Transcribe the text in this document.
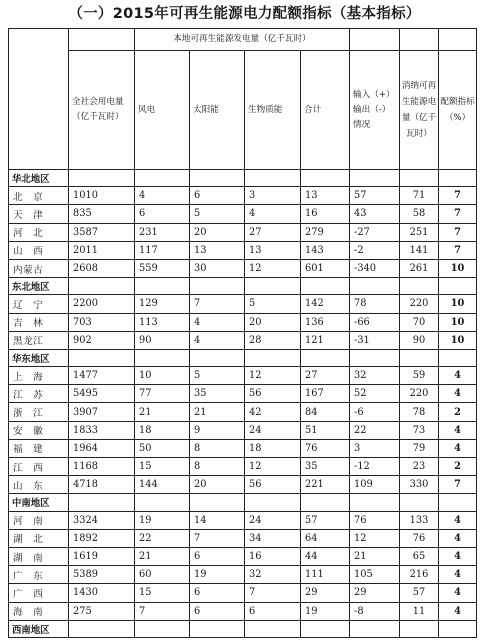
（一）2015年可再生能源电力配额指标（基本指标）
		本地可再生能源发电量（亿千瓦时）						
	全社会用电量（亿千瓦时）	风电	太阳能	生物质能	合计	输入（+）输出（-）情况	消纳可再生能源电量（亿千瓦时）	配额指标（%）
华北地区								
北　京	1010	4	6	3	13	57	71	7
天　津	835	6	5	4	16	43	58	7
河　北	3587	231	20	27	279	-27	251	7
山　西	2011	117	13	13	143	-2	141	7
内蒙古	2608	559	30	12	601	-340	261	10
东北地区								
辽　宁	2200	129	7	5	142	78	220	10
吉　林	703	113	4	20	136	-66	70	10
黑龙江	902	90	4	28	121	-31	90	10
华东地区								
上　海	1477	10	5	12	27	32	59	4
江　苏	5495	77	35	56	167	52	220	4
浙　江	3907	21	21	42	84	-6	78	2
安　徽	1833	18	9	24	51	22	73	4
福　建	1964	50	8	18	76	3	79	4
江　西	1168	15	8	12	35	-12	23	2
山　东	4718	144	20	56	221	109	330	7
中南地区								
河　南	3324	19	14	24	57	76	133	4
湖　北	1892	22	7	34	64	12	76	4
湖　南	1619	21	6	16	44	21	65	4
广　东	5389	60	19	32	111	105	216	4
广　西	1430	15	6	7	29	29	57	4
海　南	275	7	6	6	19	-8	11	4
西南地区								
